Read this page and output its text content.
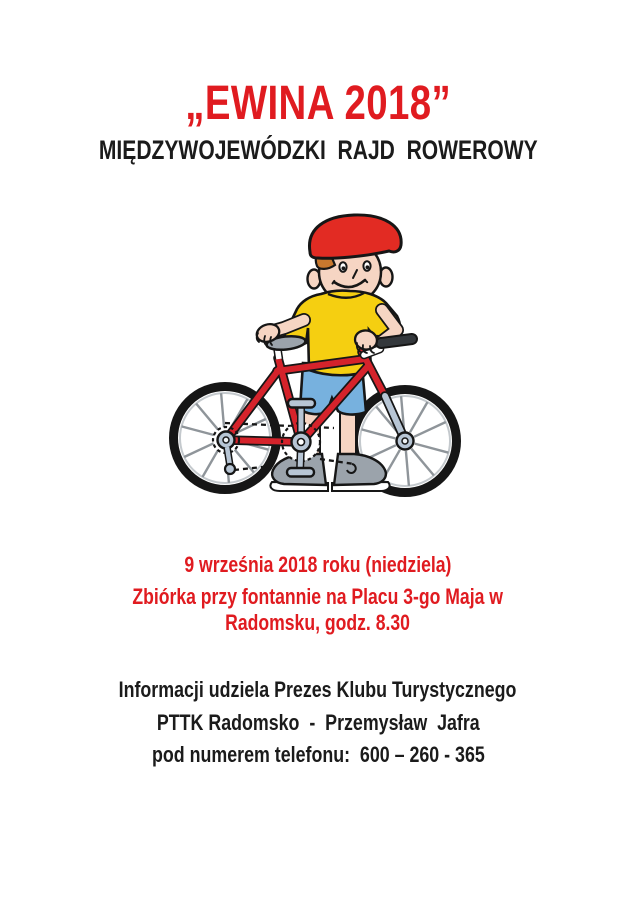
„EWINA 2018”
MIĘDZYWOJEWÓDZKI  RAJD  ROWEROWY
9 września 2018 roku (niedziela)
Zbiórka przy fontannie na Placu 3-go Maja w
Radomsku, godz. 8.30
Informacji udziela Prezes Klubu Turystycznego
PTTK Radomsko  -  Przemysław  Jafra
pod numerem telefonu:  600 – 260 - 365
